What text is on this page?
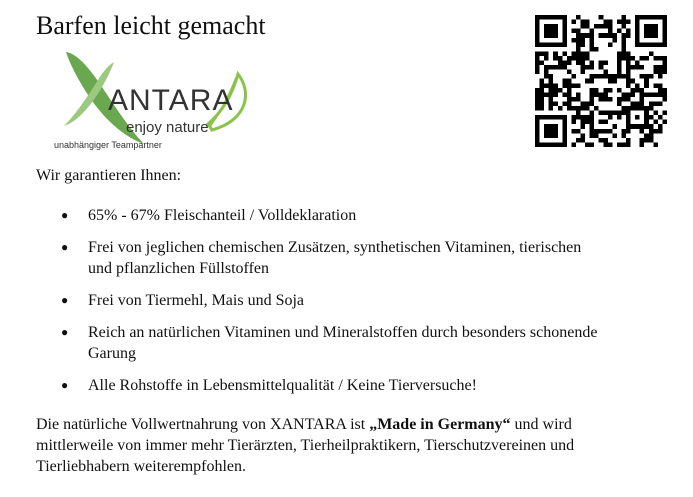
Barfen leicht gemacht
ANTARA
enjoy nature
unabhängiger Teampartner
Wir garantieren Ihnen:
● 65% - 67% Fleischanteil / Volldeklaration
● Frei von jeglichen chemischen Zusätzen, synthetischen Vitaminen, tierischen
und pflanzlichen Füllstoffen
● Frei von Tiermehl, Mais und Soja
● Reich an natürlichen Vitaminen und Mineralstoffen durch besonders schonende
Garung
● Alle Rohstoffe in Lebensmittelqualität / Keine Tierversuche!
Die natürliche Vollwertnahrung von XANTARA ist „Made in Germany“ und wird
mittlerweile von immer mehr Tierärzten, Tierheilpraktikern, Tierschutzvereinen und
Tierliebhabern weiterempfohlen.
